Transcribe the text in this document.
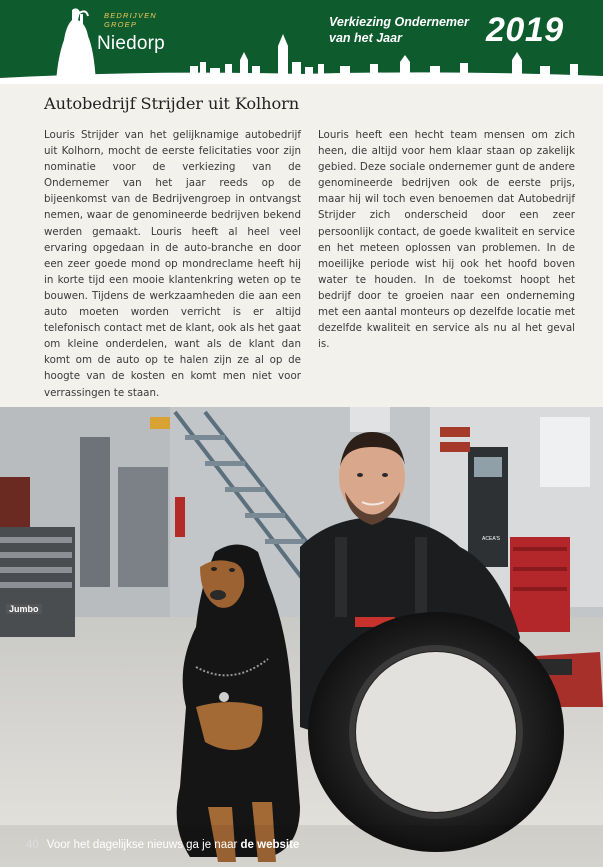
BEDRIJVEN
GROEP
Niedorp
Verkiezing Ondernemer
van het Jaar	2019
Autobedrijf Strijder uit Kolhorn
Louris Strijder van het gelijknamige autobedrijf uit Kolhorn, mocht de eerste felicitaties voor zijn nominatie voor de verkiezing van de Ondernemer van het jaar reeds op de bijeenkomst van de Bedrijvengroep in ontvangst nemen, waar de genomineerde bedrijven bekend werden gemaakt. Louris heeft al heel veel ervaring opgedaan in de auto-branche en door een zeer goede mond op mondreclame heeft hij in korte tijd een mooie klantenkring weten op te bouwen. Tijdens de werkzaamheden die aan een auto moeten worden verricht is er altijd telefonisch contact met de klant, ook als het gaat om kleine onderdelen, want als de klant dan komt om de auto op te halen zijn ze al op de hoogte van de kosten en komt men niet voor verrassingen te staan.
Louris heeft een hecht team mensen om zich heen, die altijd voor hem klaar staan op zakelijk gebied. Deze sociale ondernemer gunt de andere genomineerde bedrijven ook de eerste prijs, maar hij wil toch even benoemen dat Autobedrijf Strijder zich onderscheid door een zeer persoonlijk contact, de goede kwaliteit en service en het meteen oplossen van problemen. In de moeilijke periode wist hij ook het hoofd boven water te houden. In de toekomst hoopt het bedrijf door te groeien naar een onderneming met een aantal monteurs op dezelfde locatie met dezelfde kwaliteit en service als nu al het geval is.
Jumbo
ACEA'S
40 Voor het dagelijkse nieuws ga je naar de website
